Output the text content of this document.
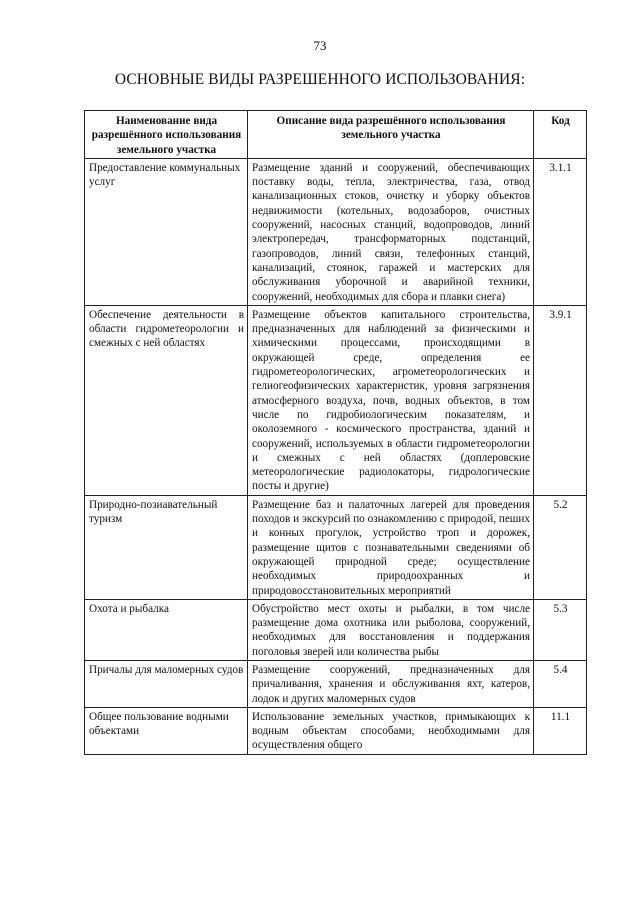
73
ОСНОВНЫЕ ВИДЫ РАЗРЕШЕННОГО ИСПОЛЬЗОВАНИЯ:
Наименование вида разрешённого использования земельного участка	Описание вида разрешённого использования земельного участка	Код
Предоставление коммунальных услуг	Размещение зданий и сооружений, обеспечивающих поставку воды, тепла, электричества, газа, отвод канализационных стоков, очистку и уборку объектов недвижимости (котельных, водозаборов, очистных сооружений, насосных станций, водопроводов, линий электропередач, трансформаторных подстанций, газопроводов, линий связи, телефонных станций, канализаций, стоянок, гаражей и мастерских для обслуживания уборочной и аварийной техники, сооружений, необходимых для сбора и плавки снега)	3.1.1
Обеспечение деятельности в области гидрометеорологии и смежных с ней областях	Размещение объектов капитального строительства, предназначенных для наблюдений за физическими и химическими процессами, происходящими в окружающей среде, определения ее гидрометеорологических, агрометеорологических и гелиогеофизических характеристик, уровня загрязнения атмосферного воздуха, почв, водных объектов, в том числе по гидробиологическим показателям, и околоземного - космического пространства, зданий и сооружений, используемых в области гидрометеорологии и смежных с ней областях (доплеровские метеорологические радиолокаторы, гидрологические посты и другие)	3.9.1
Природно-позиавательный туризм	Размещение баз и палаточных лагерей для проведения походов и экскурсий по ознакомлению с природой, пеших и конных прогулок, устройство троп и дорожек, размещение щитов с познавательными сведениями об окружающей природной среде; осуществление необходимых природоохранных и природовосстановительных мероприятий	5.2
Охота и рыбалка	Обустройство мест охоты и рыбалки, в том числе размещение дома охотника или рыболова, сооружений, необходимых для восстановления и поддержания поголовья зверей или количества рыбы	5.3
Причалы для маломерных судов	Размещение сооружений, предназначенных для причаливания, хранения и обслуживания яхт, катеров, лодок и других маломерных судов	5.4
Общее пользование водными объектами	Использование земельных участков, примыкающих к водным объектам способами, необходимыми для осуществления общего	11.1
